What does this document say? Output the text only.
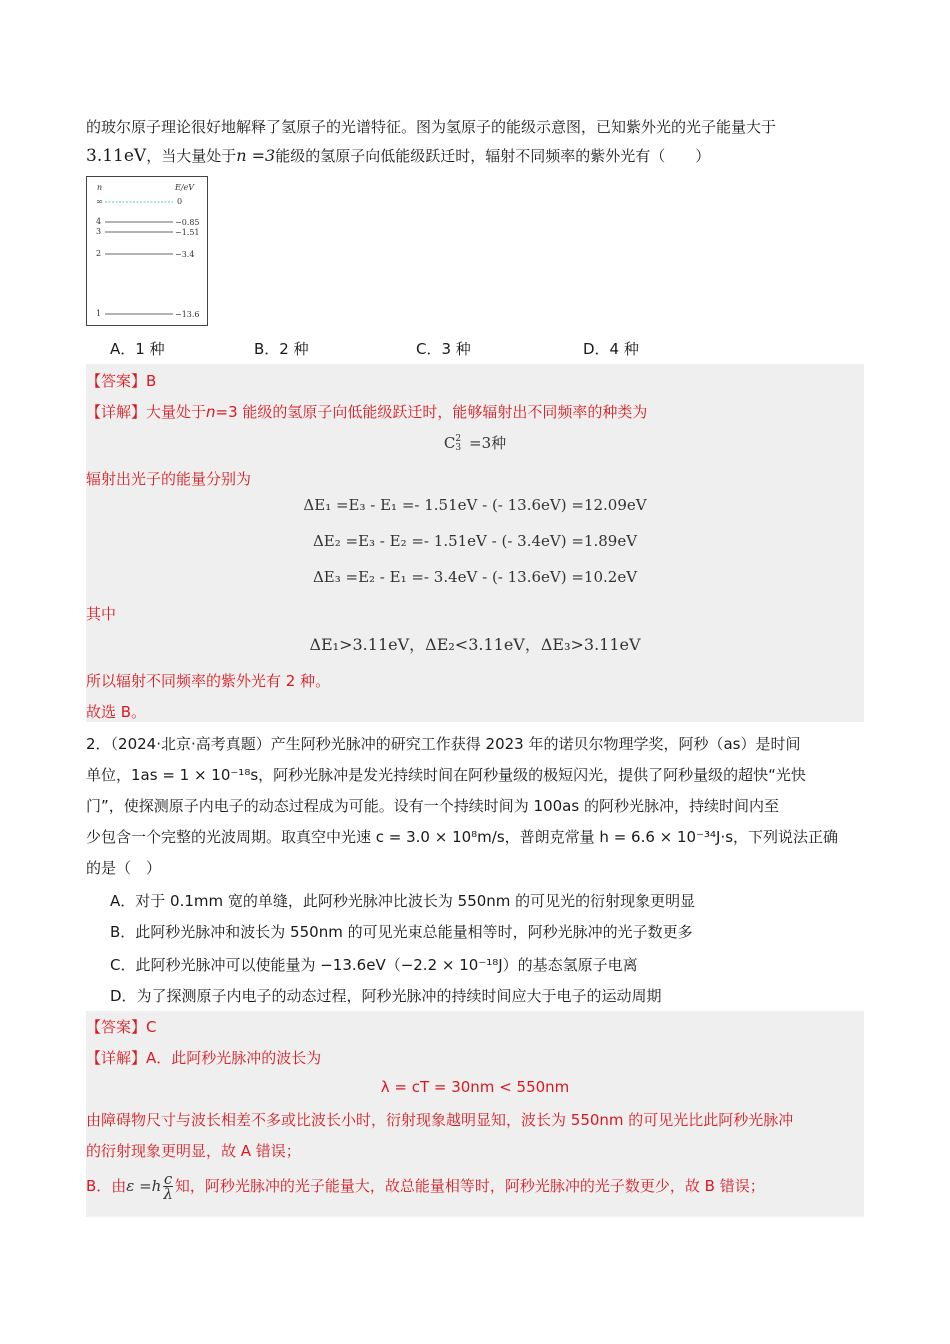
的玻尔原子理论很好地解释了氢原子的光谱特征。图为氢原子的能级示意图，已知紫外光的光子能量大于
3.11eV，当大量处于n =3能级的氢原子向低能级跃迁时，辐射不同频率的紫外光有（　　）
n	E/eV
∞	0
4	−0.85
3	−1.51
2	−3.4
1	−13.6
A．1 种	B．2 种	C．3 种	D．4 种
【答案】B
【详解】大量处于n=3 能级的氢原子向低能级跃迁时，能够辐射出不同频率的种类为
C 2
3 =3种
辐射出光子的能量分别为
ΔE₁ =E₃ - E₁ =- 1.51eV - (- 13.6eV) =12.09eV
ΔE₂ =E₃ - E₂ =- 1.51eV - (- 3.4eV) =1.89eV
ΔE₃ =E₂ - E₁ =- 3.4eV - (- 13.6eV) =10.2eV
其中
ΔE₁>3.11eV，ΔE₂<3.11eV，ΔE₃>3.11eV
所以辐射不同频率的紫外光有 2 种。
故选 B。
2．（2024·北京·高考真题）产生阿秒光脉冲的研究工作获得 2023 年的诺贝尔物理学奖，阿秒（as）是时间
单位，1as = 1 × 10⁻¹⁸s，阿秒光脉冲是发光持续时间在阿秒量级的极短闪光，提供了阿秒量级的超快“光快
门”，使探测原子内电子的动态过程成为可能。设有一个持续时间为 100as 的阿秒光脉冲，持续时间内至
少包含一个完整的光波周期。取真空中光速 c = 3.0 × 10⁸m/s，普朗克常量 h = 6.6 × 10⁻³⁴J·s，下列说法正确
的是（　）
A．对于 0.1mm 宽的单缝，此阿秒光脉冲比波长为 550nm 的可见光的衍射现象更明显
B．此阿秒光脉冲和波长为 550nm 的可见光束总能量相等时，阿秒光脉冲的光子数更多
C．此阿秒光脉冲可以使能量为 −13.6eV（−2.2 × 10⁻¹⁸J）的基态氢原子电离
D．为了探测原子内电子的动态过程，阿秒光脉冲的持续时间应大于电子的运动周期
【答案】C
【详解】A．此阿秒光脉冲的波长为
λ = cT = 30nm < 550nm
由障碍物尺寸与波长相差不多或比波长小时，衍射现象越明显知，波长为 550nm 的可见光比此阿秒光脉冲
的衍射现象更明显，故 A 错误；
B．由$\varepsilon =h \frac{c}{\lambda}$ 知，阿秒光脉冲的光子能量大，故总能量相等时，阿秒光脉冲的光子数更少，故 B 错误；
